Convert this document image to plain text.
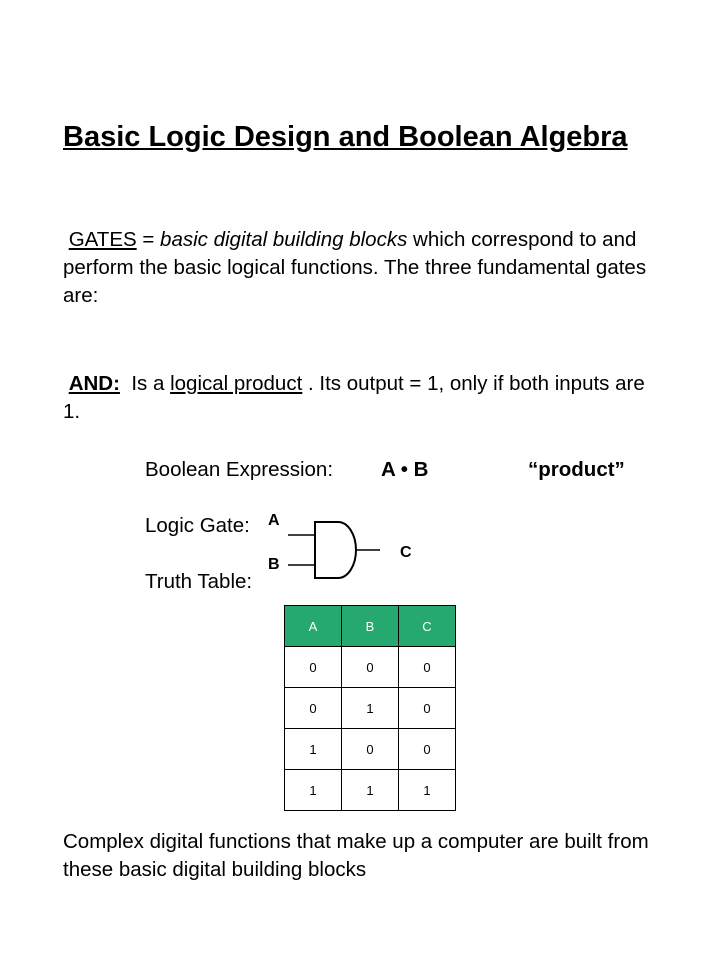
Basic Logic Design and Boolean Algebra
GATES = basic digital building blocks which correspond to and perform the basic logical functions. The three fundamental gates are:
AND:  Is a logical product . Its output = 1, only if both inputs are 1.
Boolean Expression: A • B	“product”
Logic Gate: A
B
C
Truth Table:
A	B	C
0	0	0
0	1	0
1	0	0
1	1	1
Complex digital functions that make up a computer are built from these basic digital building blocks
